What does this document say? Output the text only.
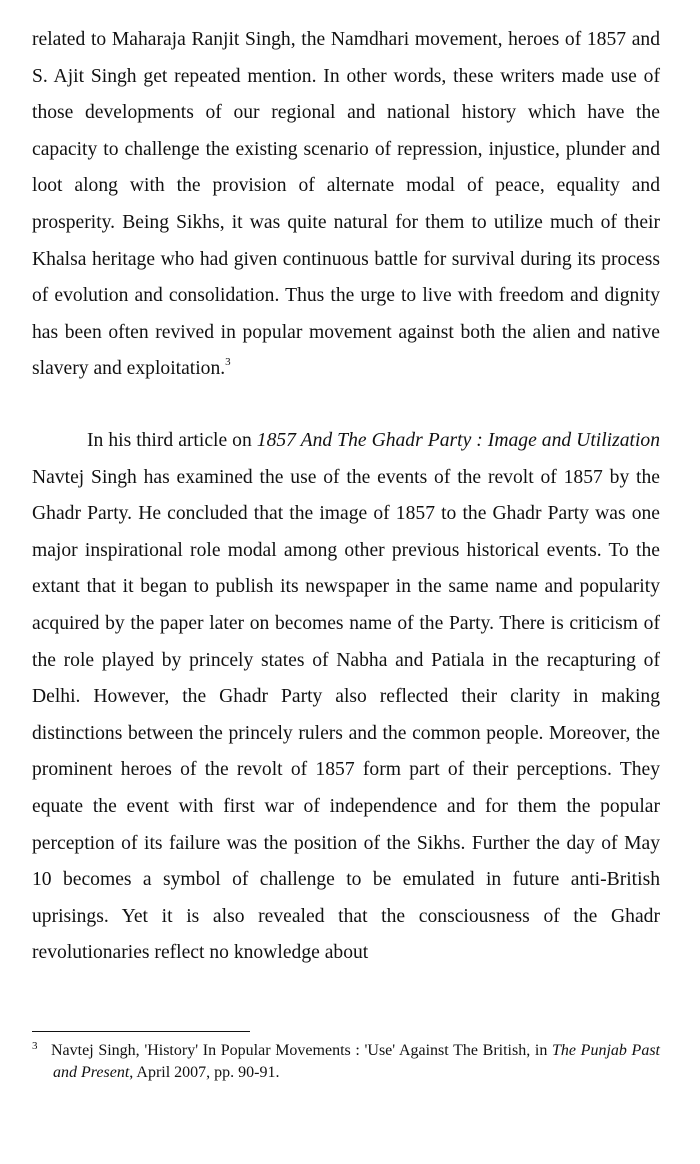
related to Maharaja Ranjit Singh, the Namdhari movement, heroes of 1857 and S. Ajit Singh get repeated mention. In other words, these writers made use of those developments of our regional and national history which have the capacity to challenge the existing scenario of repression, injustice, plunder and loot along with the provision of alternate modal of peace, equality and prosperity. Being Sikhs, it was quite natural for them to utilize much of their Khalsa heritage who had given continuous battle for survival during its process of evolution and consolidation. Thus the urge to live with freedom and dignity has been often revived in popular movement against both the alien and native slavery and exploitation.$^3$

In his third article on 1857 And The Ghadr Party : Image and Utilization Navtej Singh has examined the use of the events of the revolt of 1857 by the Ghadr Party. He concluded that the image of 1857 to the Ghadr Party was one major inspirational role modal among other previous historical events. To the extant that it began to publish its newspaper in the same name and popularity acquired by the paper later on becomes name of the Party. There is criticism of the role played by princely states of Nabha and Patiala in the recapturing of Delhi. However, the Ghadr Party also reflected their clarity in making distinctions between the princely rulers and the common people. Moreover, the prominent heroes of the revolt of 1857 form part of their perceptions. They equate the event with first war of independence and for them the popular perception of its failure was the position of the Sikhs. Further the day of May 10 becomes a symbol of challenge to be emulated in future anti-British uprisings. Yet it is also revealed that the consciousness of the Ghadr revolutionaries reflect no knowledge about

3 Navtej Singh, 'History' In Popular Movements : 'Use' Against The British, in The Punjab Past and Present, April 2007, pp. 90-91.
